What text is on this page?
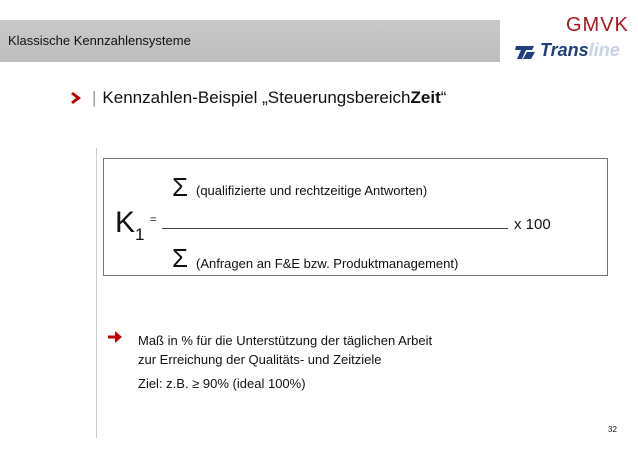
Klassische Kennzahlensysteme
GMVK
Trans line
| Kennzahlen-Beispiel „Steuerungsbereich Zeit “
Σ (qualifizierte und rechtzeitige Antworten)
$K_1$
=	x 100
Σ (Anfragen an F&E bzw. Produktmanagement)
Maß in % für die Unterstützung der täglichen Arbeit
zur Erreichung der Qualitäts- und Zeitziele
Ziel: z.B. ≥ 90% (ideal 100%)
32
